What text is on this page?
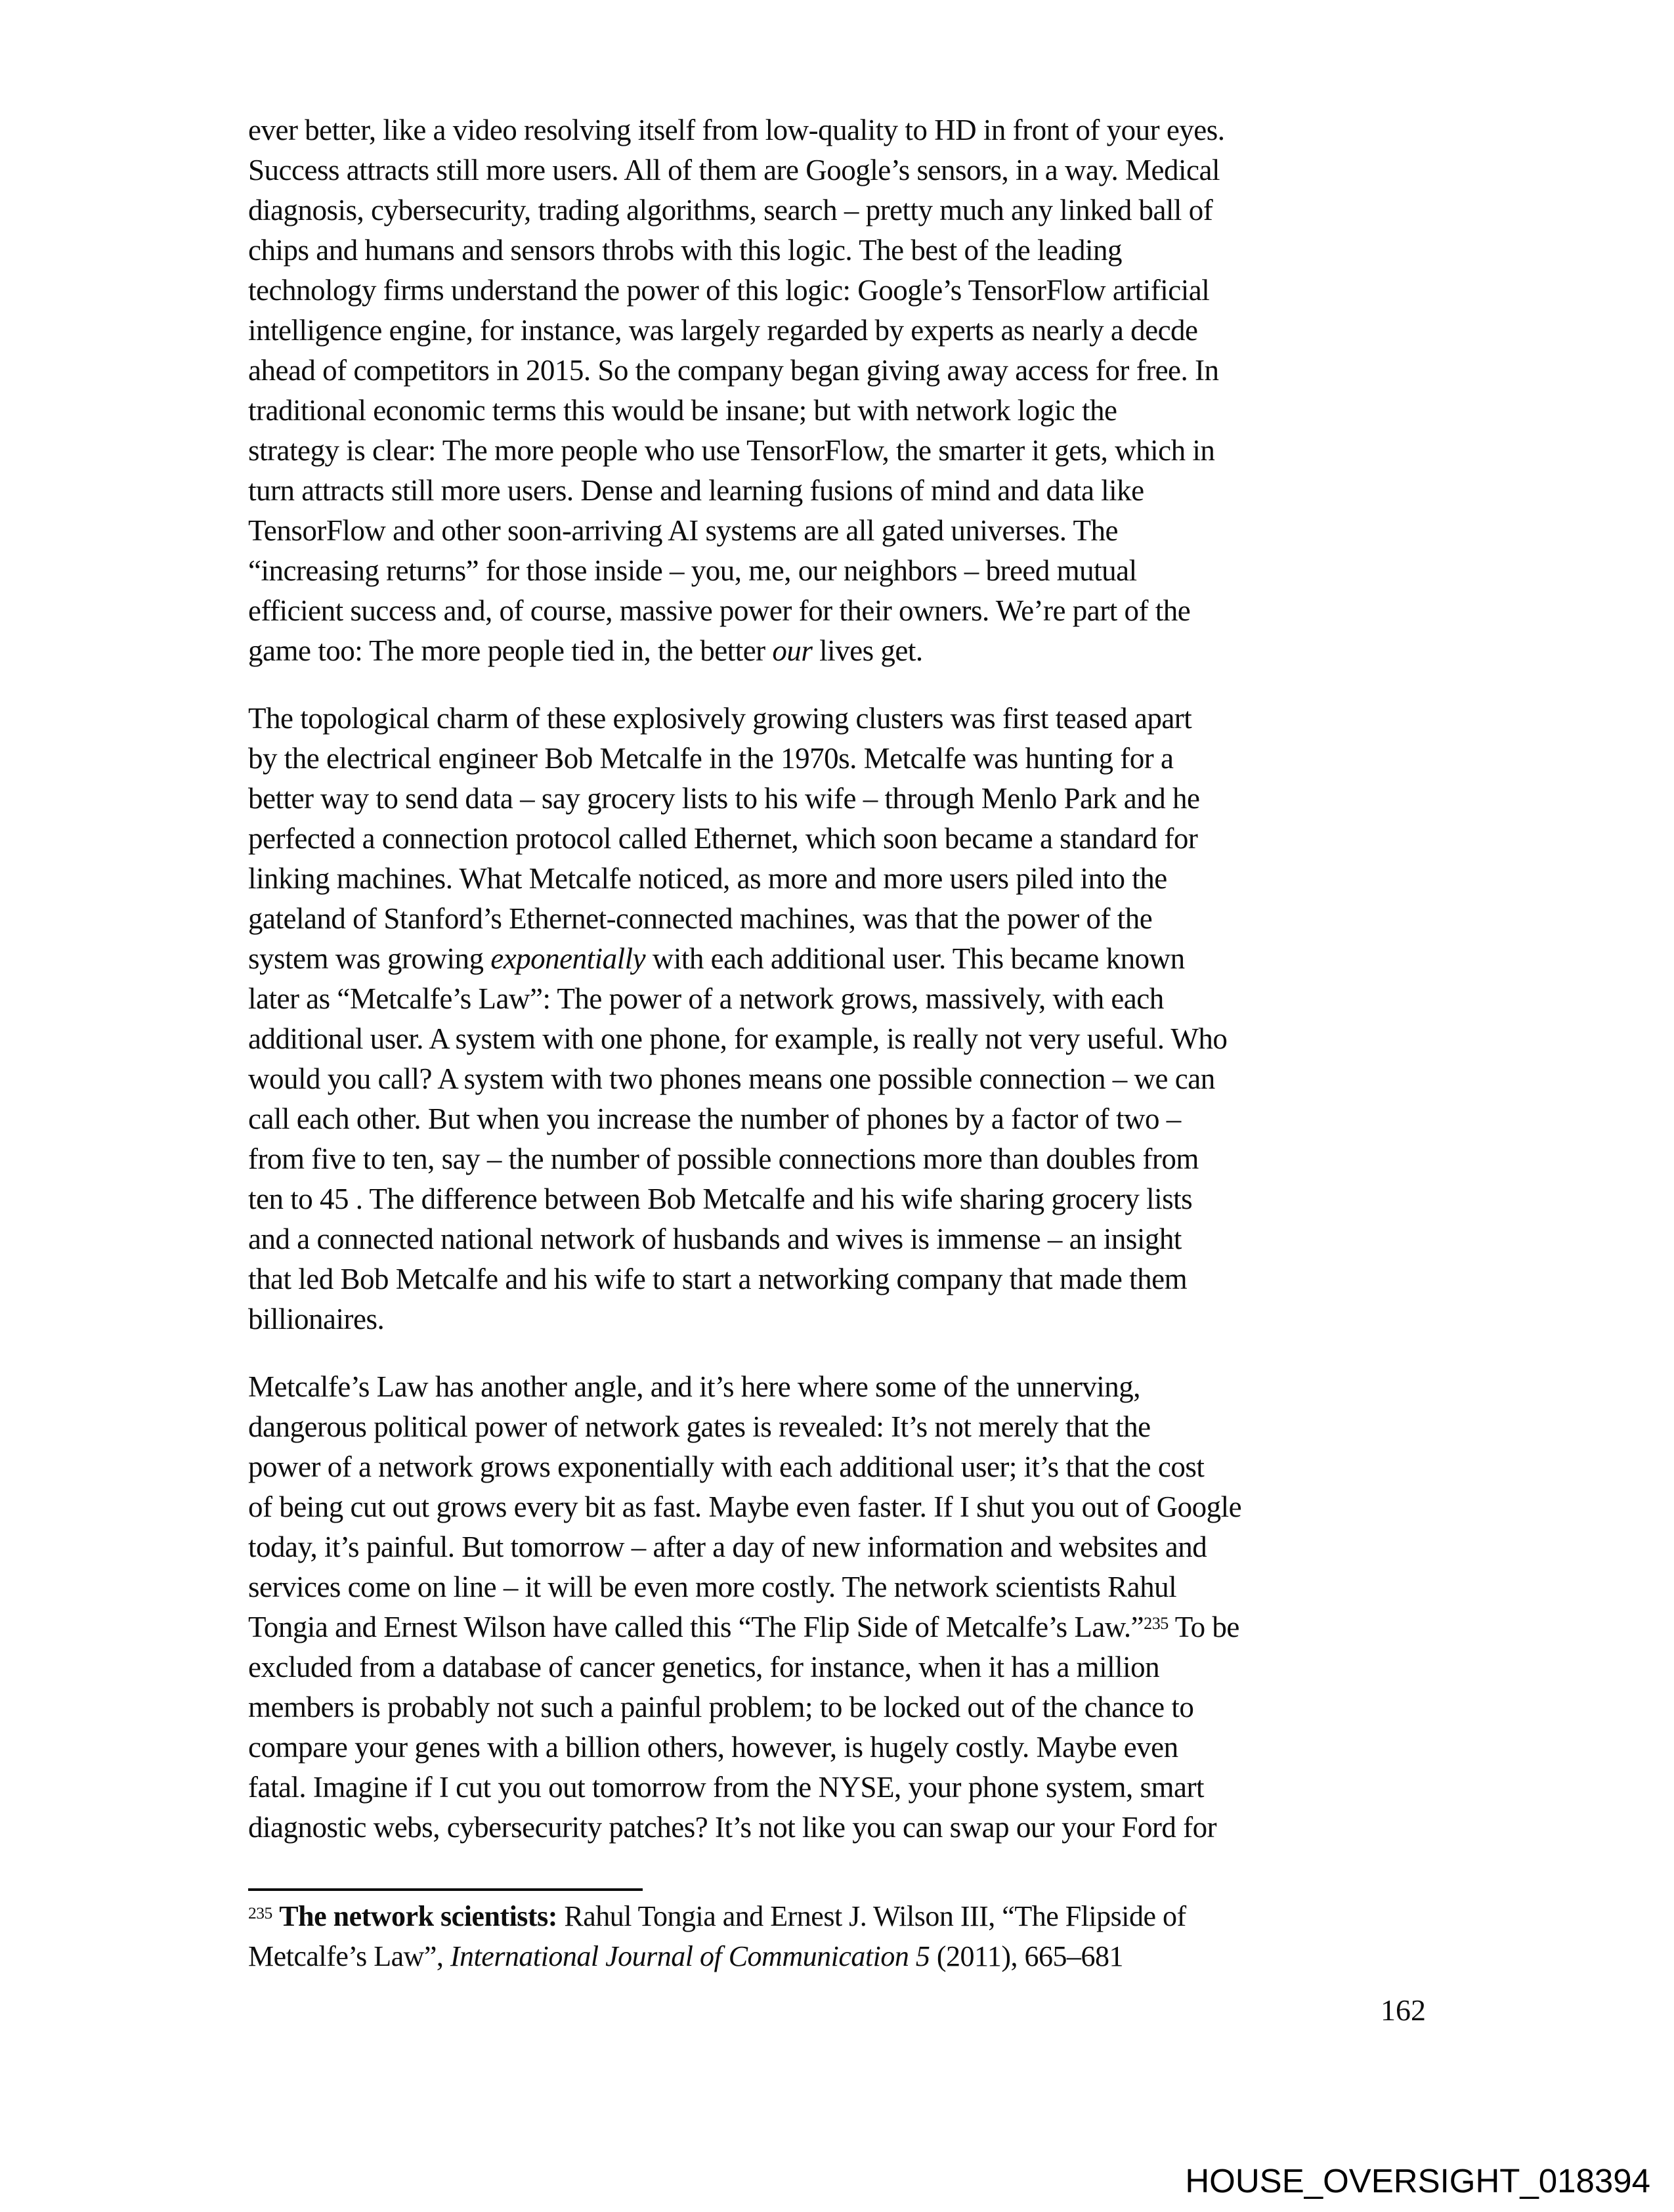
ever better, like a video resolving itself from low-quality to HD in front of your eyes.
Success attracts still more users. All of them are Google’s sensors, in a way. Medical
diagnosis, cybersecurity, trading algorithms, search – pretty much any linked ball of
chips and humans and sensors throbs with this logic. The best of the leading
technology firms understand the power of this logic: Google’s TensorFlow artificial
intelligence engine, for instance, was largely regarded by experts as nearly a decde
ahead of competitors in 2015. So the company began giving away access for free. In
traditional economic terms this would be insane; but with network logic the
strategy is clear: The more people who use TensorFlow, the smarter it gets, which in
turn attracts still more users. Dense and learning fusions of mind and data like
TensorFlow and other soon-arriving AI systems are all gated universes. The
“increasing returns” for those inside – you, me, our neighbors – breed mutual
efficient success and, of course, massive power for their owners. We’re part of the
game too: The more people tied in, the better our lives get.
The topological charm of these explosively growing clusters was first teased apart
by the electrical engineer Bob Metcalfe in the 1970s. Metcalfe was hunting for a
better way to send data – say grocery lists to his wife – through Menlo Park and he
perfected a connection protocol called Ethernet, which soon became a standard for
linking machines. What Metcalfe noticed, as more and more users piled into the
gateland of Stanford’s Ethernet-connected machines, was that the power of the
system was growing exponentially with each additional user. This became known
later as “Metcalfe’s Law”: The power of a network grows, massively, with each
additional user. A system with one phone, for example, is really not very useful. Who
would you call? A system with two phones means one possible connection – we can
call each other. But when you increase the number of phones by a factor of two –
from five to ten, say – the number of possible connections more than doubles from
ten to 45 . The difference between Bob Metcalfe and his wife sharing grocery lists
and a connected national network of husbands and wives is immense – an insight
that led Bob Metcalfe and his wife to start a networking company that made them
billionaires.
Metcalfe’s Law has another angle, and it’s here where some of the unnerving,
dangerous political power of network gates is revealed: It’s not merely that the
power of a network grows exponentially with each additional user; it’s that the cost
of being cut out grows every bit as fast. Maybe even faster. If I shut you out of Google
today, it’s painful. But tomorrow – after a day of new information and websites and
services come on line – it will be even more costly. The network scientists Rahul
Tongia and Ernest Wilson have called this “The Flip Side of Metcalfe’s Law.”$^{235}$ To be
excluded from a database of cancer genetics, for instance, when it has a million
members is probably not such a painful problem; to be locked out of the chance to
compare your genes with a billion others, however, is hugely costly. Maybe even
fatal. Imagine if I cut you out tomorrow from the NYSE, your phone system, smart
diagnostic webs, cybersecurity patches? It’s not like you can swap our your Ford for
$^{235}$ The network scientists: Rahul Tongia and Ernest J. Wilson III, “The Flipside of
Metcalfe’s Law”, International Journal of Communication 5 (2011), 665–681
162
HOUSE_OVERSIGHT_018394
